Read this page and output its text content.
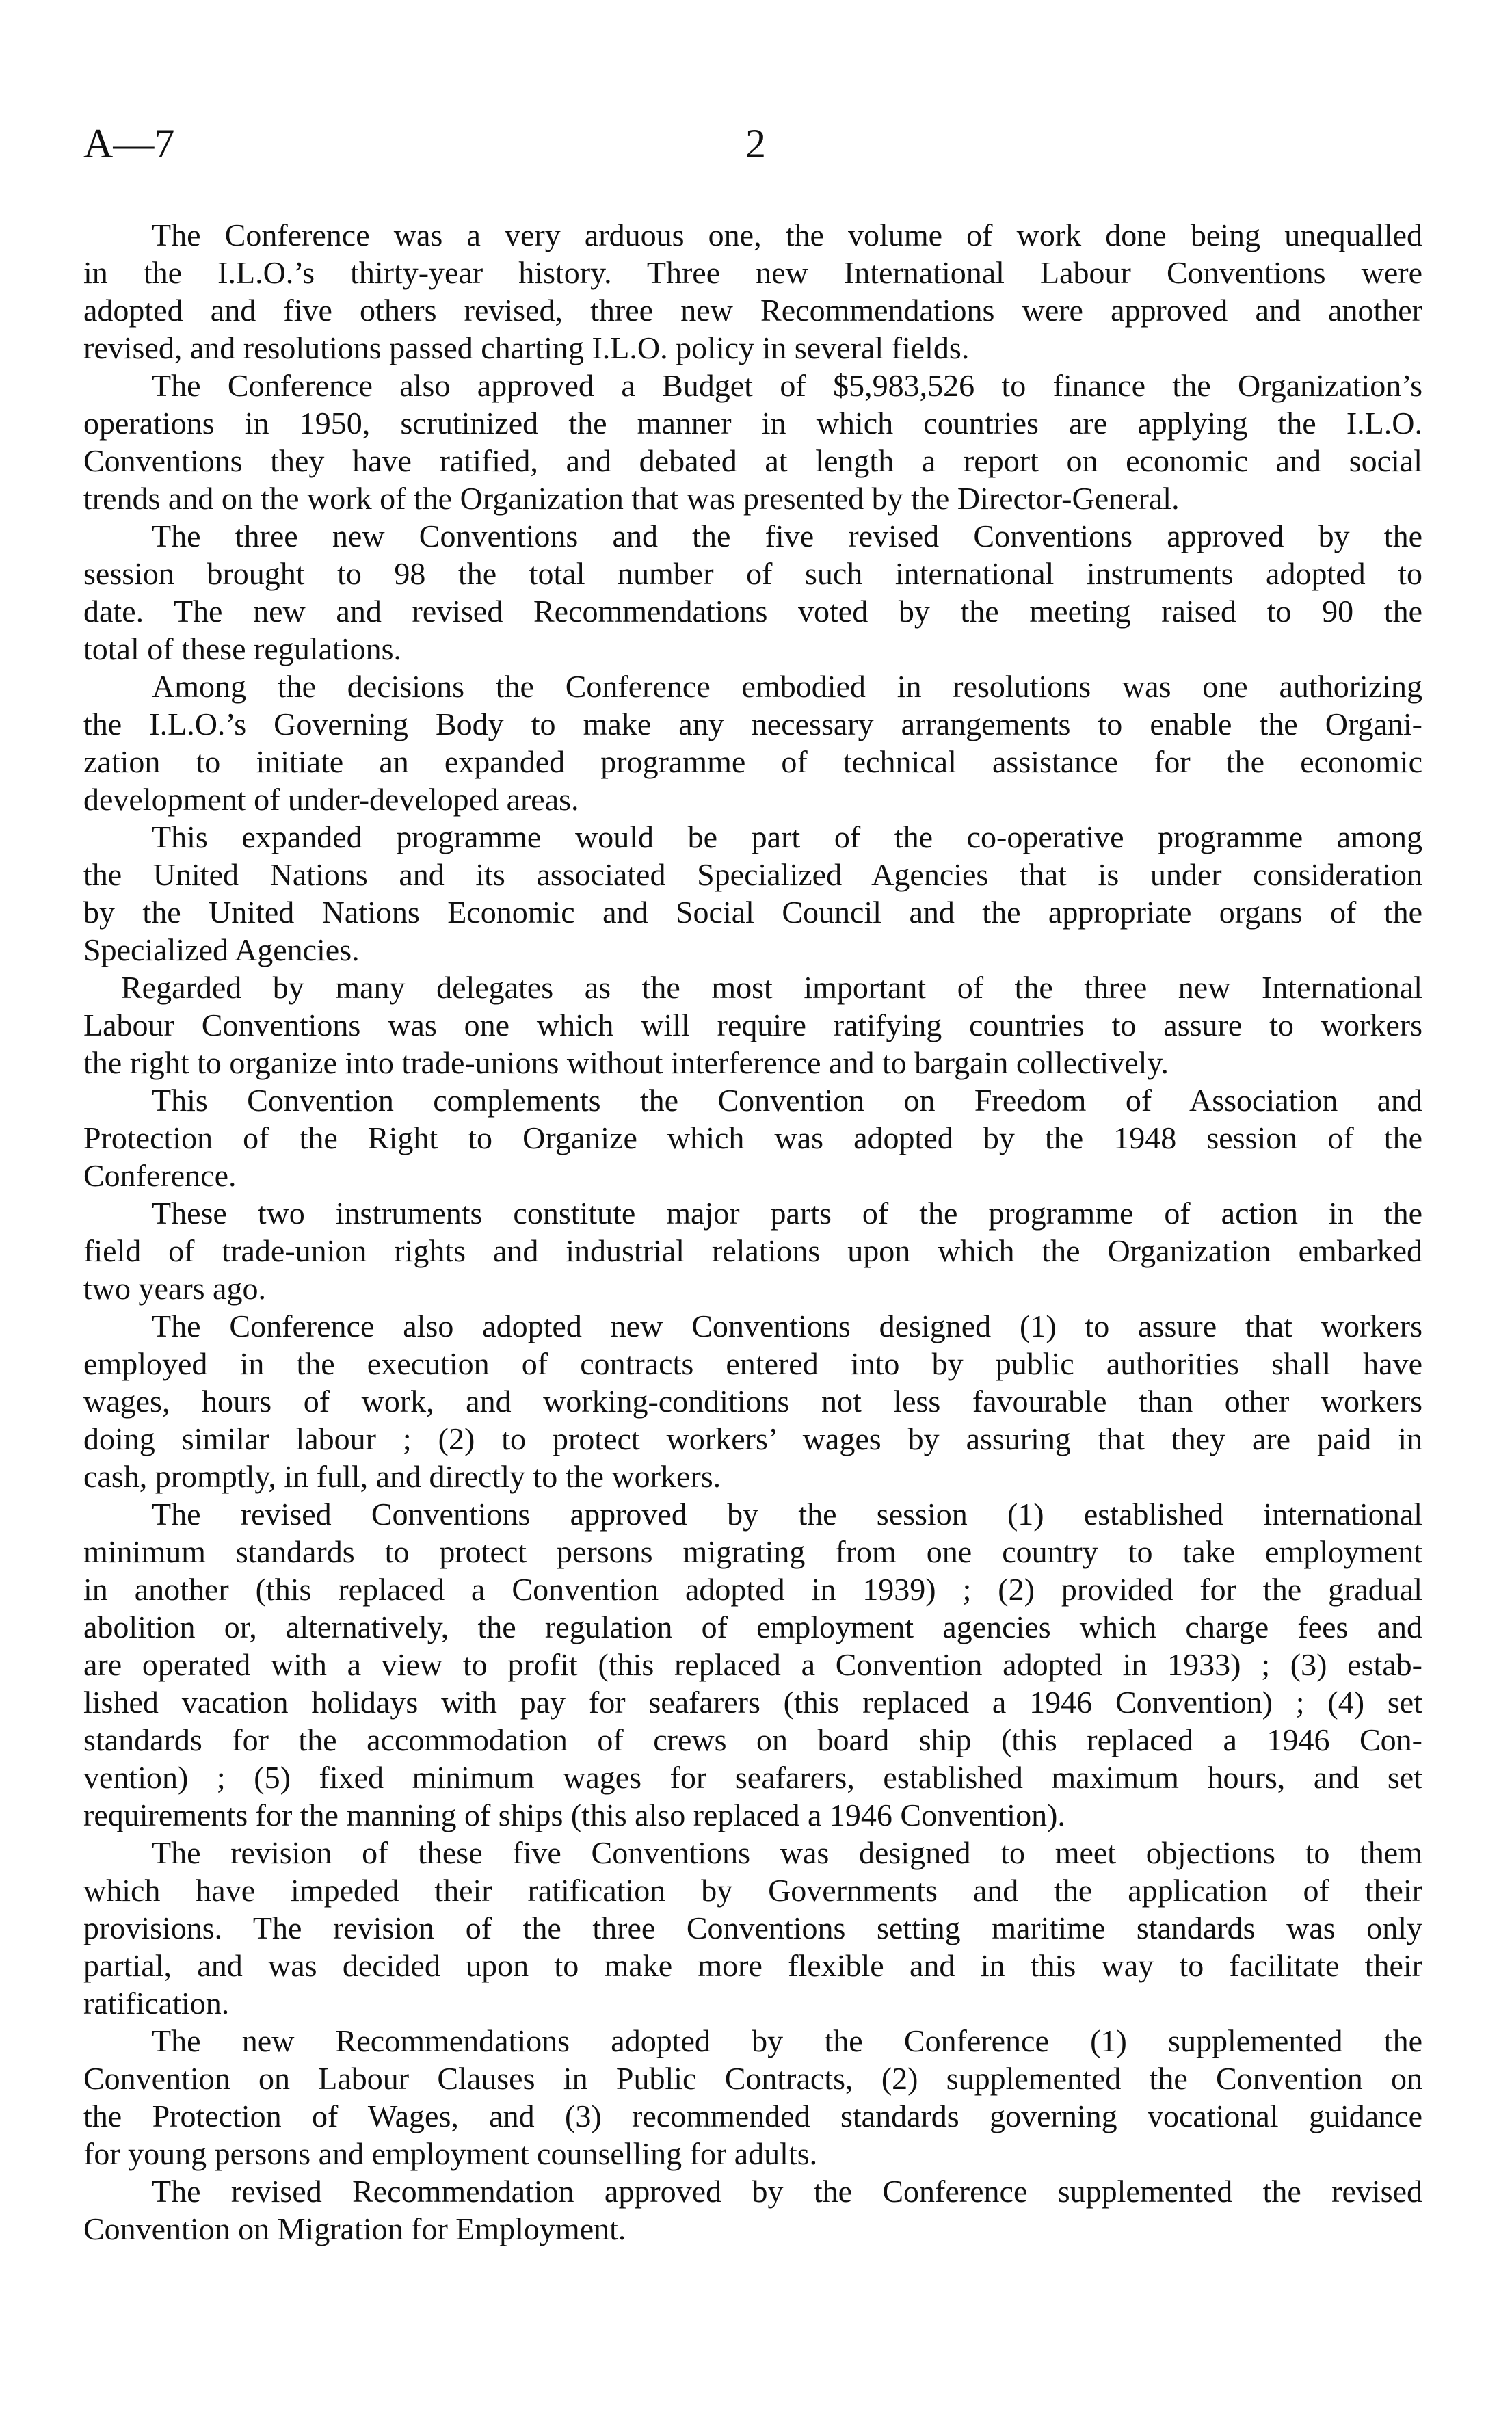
A—7	2
The Conference was a very arduous one, the volume of work done being unequalled
in the I.L.O.’s thirty-year history. Three new International Labour Conventions were
adopted and five others revised, three new Recommendations were approved and another
revised, and resolutions passed charting I.L.O. policy in several fields.
The Conference also approved a Budget of $5,983,526 to finance the Organization’s
operations in 1950, scrutinized the manner in which countries are applying the I.L.O.
Conventions they have ratified, and debated at length a report on economic and social
trends and on the work of the Organization that was presented by the Director-General.
The three new Conventions and the five revised Conventions approved by the
session brought to 98 the total number of such international instruments adopted to
date. The new and revised Recommendations voted by the meeting raised to 90 the
total of these regulations.
Among the decisions the Conference embodied in resolutions was one authorizing
the I.L.O.’s Governing Body to make any necessary arrangements to enable the Organi-
zation to initiate an expanded programme of technical assistance for the economic
development of under-developed areas.
This expanded programme would be part of the co-operative programme among
the United Nations and its associated Specialized Agencies that is under consideration
by the United Nations Economic and Social Council and the appropriate organs of the
Specialized Agencies.
Regarded by many delegates as the most important of the three new International
Labour Conventions was one which will require ratifying countries to assure to workers
the right to organize into trade-unions without interference and to bargain collectively.
This Convention complements the Convention on Freedom of Association and
Protection of the Right to Organize which was adopted by the 1948 session of the
Conference.
These two instruments constitute major parts of the programme of action in the
field of trade-union rights and industrial relations upon which the Organization embarked
two years ago.
The Conference also adopted new Conventions designed (1) to assure that workers
employed in the execution of contracts entered into by public authorities shall have
wages, hours of work, and working-conditions not less favourable than other workers
doing similar labour ; (2) to protect workers’ wages by assuring that they are paid in
cash, promptly, in full, and directly to the workers.
The revised Conventions approved by the session (1) established international
minimum standards to protect persons migrating from one country to take employment
in another (this replaced a Convention adopted in 1939) ; (2) provided for the gradual
abolition or, alternatively, the regulation of employment agencies which charge fees and
are operated with a view to profit (this replaced a Convention adopted in 1933) ; (3) estab-
lished vacation holidays with pay for seafarers (this replaced a 1946 Convention) ; (4) set
standards for the accommodation of crews on board ship (this replaced a 1946 Con-
vention) ; (5) fixed minimum wages for seafarers, established maximum hours, and set
requirements for the manning of ships (this also replaced a 1946 Convention).
The revision of these five Conventions was designed to meet objections to them
which have impeded their ratification by Governments and the application of their
provisions. The revision of the three Conventions setting maritime standards was only
partial, and was decided upon to make more flexible and in this way to facilitate their
ratification.
The new Recommendations adopted by the Conference (1) supplemented the
Convention on Labour Clauses in Public Contracts, (2) supplemented the Convention on
the Protection of Wages, and (3) recommended standards governing vocational guidance
for young persons and employment counselling for adults.
The revised Recommendation approved by the Conference supplemented the revised
Convention on Migration for Employment.
